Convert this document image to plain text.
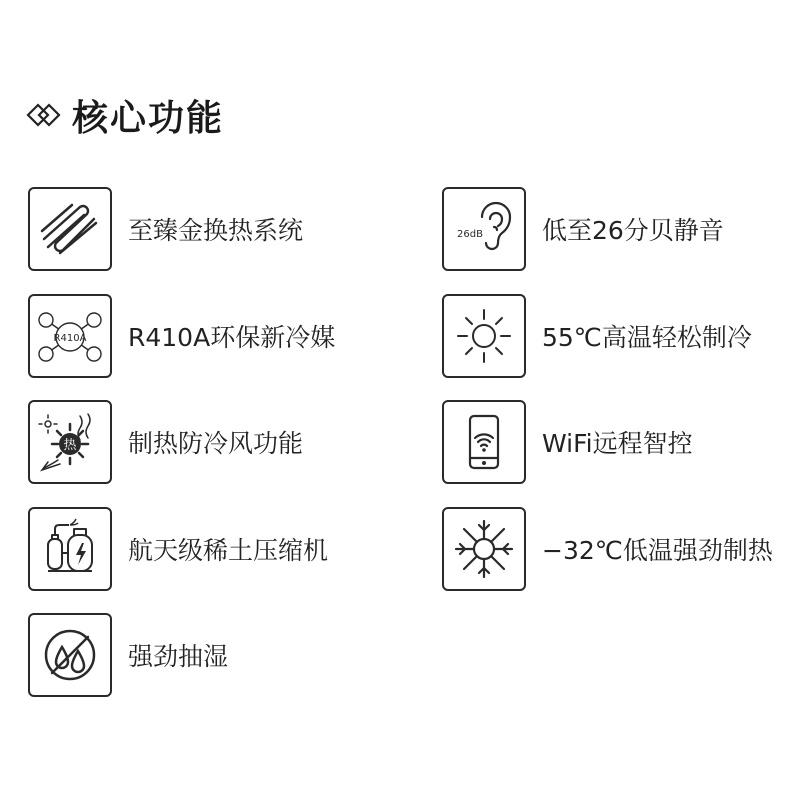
核心功能
至臻金换热系统
R410A R410A环保新冷媒
热 制热防冷风功能
航天级稀土压缩机
强劲抽湿
26dB 低至26分贝静音
55℃高温轻松制冷
WiFi远程智控
−32℃低温强劲制热
